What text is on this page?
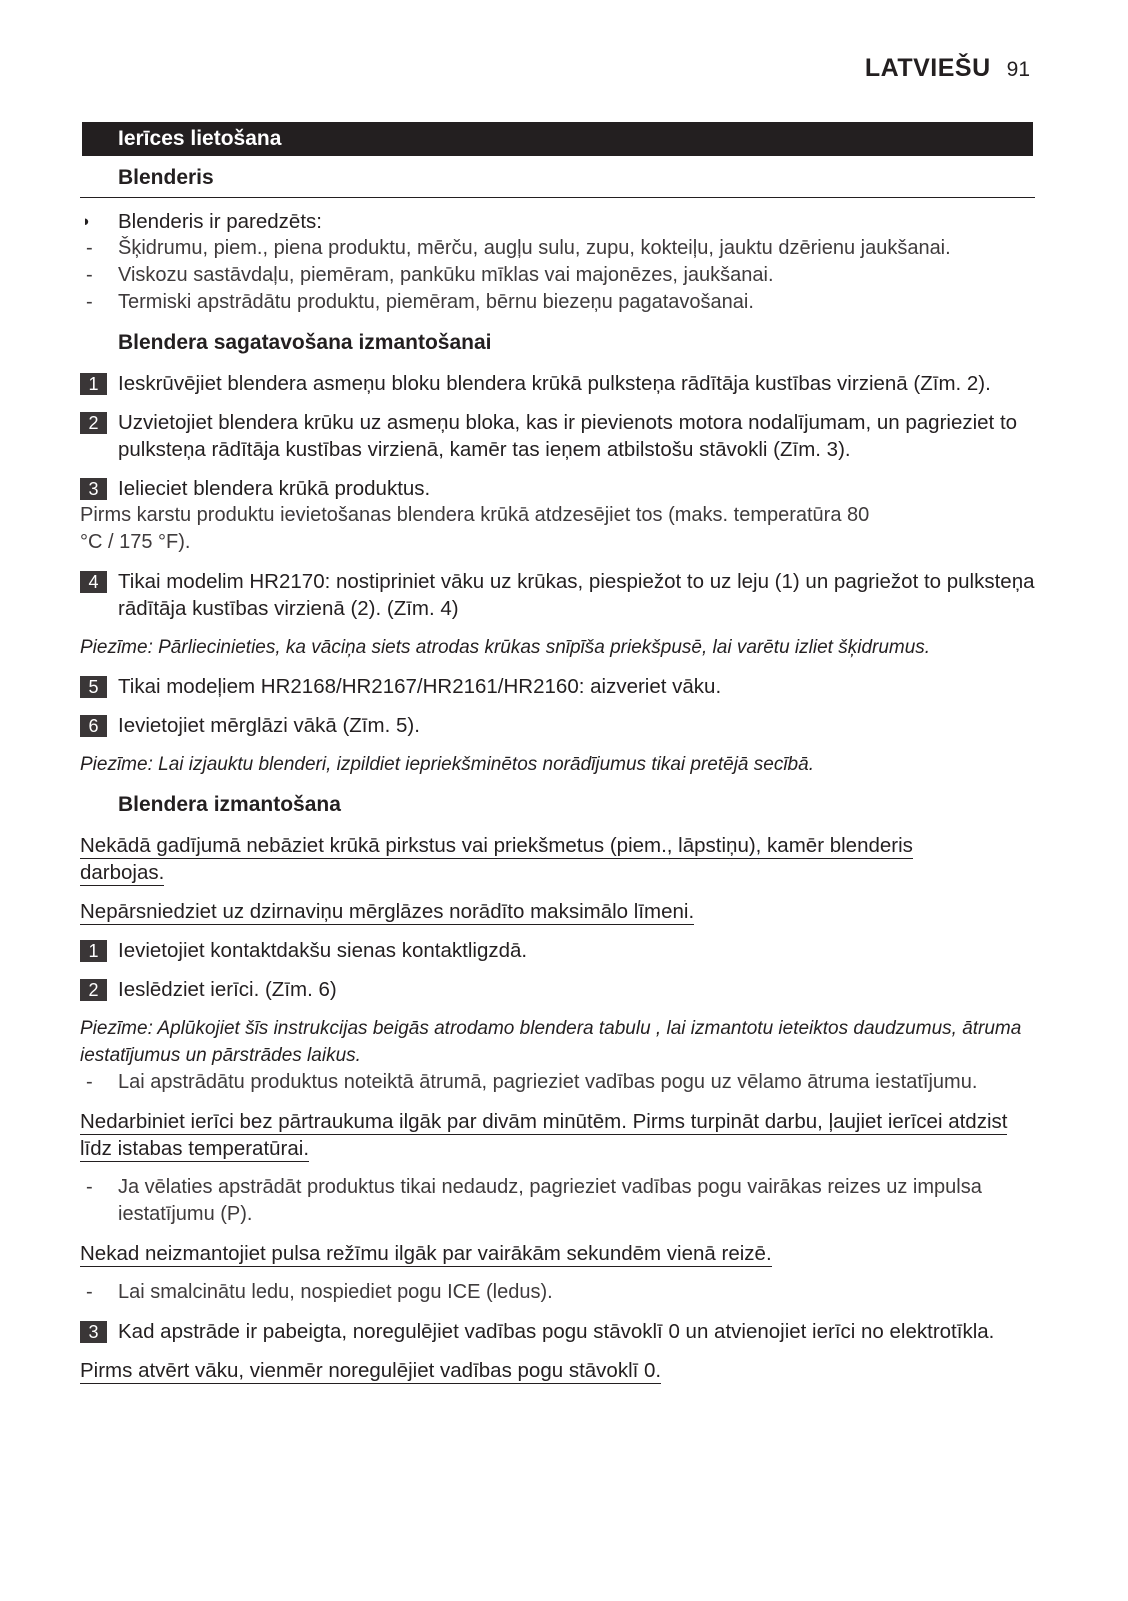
LATVIEŠU 91
Ierīces lietošana
Blenderis
◗ Blenderis ir paredzēts:
- Šķidrumu, piem., piena produktu, mērču, augļu sulu, zupu, kokteiļu, jauktu dzērienu jaukšanai.
- Viskozu sastāvdaļu, piemēram, pankūku mīklas vai majonēzes, jaukšanai.
- Termiski apstrādātu produktu, piemēram, bērnu biezeņu pagatavošanai.
Blendera sagatavošana izmantošanai
1 Ieskrūvējiet blendera asmeņu bloku blendera krūkā pulksteņa rādītāja kustības virzienā (Zīm. 2).
2 Uzvietojiet blendera krūku uz asmeņu bloka, kas ir pievienots motora nodalījumam, un pagrieziet to pulksteņa rādītāja kustības virzienā, kamēr tas ieņem atbilstošu stāvokli (Zīm. 3).
3 Ielieciet blendera krūkā produktus.
Pirms karstu produktu ievietošanas blendera krūkā atdzesējiet tos (maks. temperatūra 80 °C / 175 °F).
4 Tikai modelim HR2170: nostipriniet vāku uz krūkas, piespiežot to uz leju (1) un pagriežot to pulksteņa rādītāja kustības virzienā (2). (Zīm. 4)
Piezīme: Pārliecinieties, ka vāciņa siets atrodas krūkas snīpīša priekšpusē, lai varētu izliet šķidrumus.
5 Tikai modeļiem HR2168/HR2167/HR2161/HR2160: aizveriet vāku.
6 Ievietojiet mērglāzi vākā (Zīm. 5).
Piezīme: Lai izjauktu blenderi, izpildiet iepriekšminētos norādījumus tikai pretējā secībā.
Blendera izmantošana
Nekādā gadījumā nebāziet krūkā pirkstus vai priekšmetus (piem., lāpstiņu), kamēr blenderis darbojas.
Nepārsniedziet uz dzirnaviņu mērglāzes norādīto maksimālo līmeni.
1 Ievietojiet kontaktdakšu sienas kontaktligzdā.
2 Ieslēdziet ierīci. (Zīm. 6)
Piezīme: Aplūkojiet šīs instrukcijas beigās atrodamo blendera tabulu , lai izmantotu ieteiktos daudzumus, ātruma iestatījumus un pārstrādes laikus.
- Lai apstrādātu produktus noteiktā ātrumā, pagrieziet vadības pogu uz vēlamo ātruma iestatījumu.
Nedarbiniet ierīci bez pārtraukuma ilgāk par divām minūtēm. Pirms turpināt darbu, ļaujiet ierīcei atdzist līdz istabas temperatūrai.
- Ja vēlaties apstrādāt produktus tikai nedaudz, pagrieziet vadības pogu vairākas reizes uz impulsa iestatījumu (P).
Nekad neizmantojiet pulsa režīmu ilgāk par vairākām sekundēm vienā reizē.
- Lai smalcinātu ledu, nospiediet pogu ICE (ledus).
3 Kad apstrāde ir pabeigta, noregulējiet vadības pogu stāvoklī 0 un atvienojiet ierīci no elektrotīkla.
Pirms atvērt vāku, vienmēr noregulējiet vadības pogu stāvoklī 0.
